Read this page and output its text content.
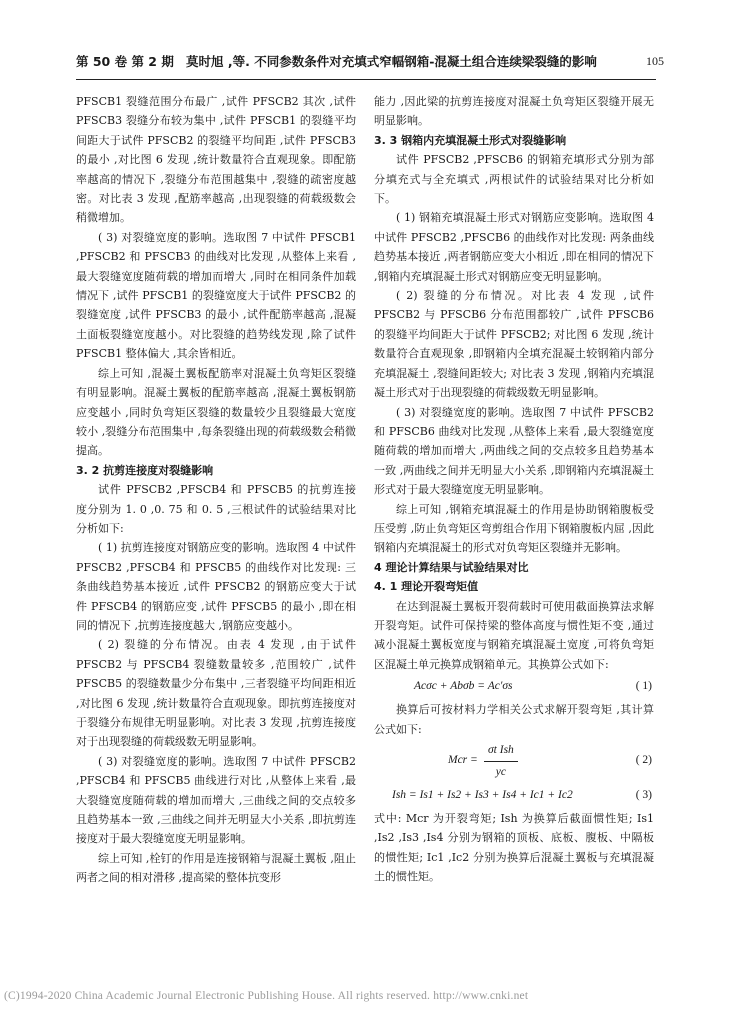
第 50 卷 第 2 期 莫时旭 ,等. 不同参数条件对充填式窄幅钢箱-混凝土组合连续梁裂缝的影响	105

PFSCB1 裂缝范围分布最广 ,试件 PFSCB2 其次 ,试件 PFSCB3 裂缝分布较为集中 ,试件 PFSCB1 的裂缝平均间距大于试件 PFSCB2 的裂缝平均间距 ,试件 PFSCB3 的最小 ,对比图 6 发现 ,统计数量符合直观现象。即配筋率越高的情况下 ,裂缝分布范围越集中 ,裂缝的疏密度越密。对比表 3 发现 ,配筋率越高 ,出现裂缝的荷载级数会稍微增加。

( 3) 对裂缝宽度的影响。选取图 7 中试件 PFSCB1 ,PFSCB2 和 PFSCB3 的曲线对比发现 ,从整体上来看 ,最大裂缝宽度随荷载的增加而增大 ,同时在相同条件加载情况下 ,试件 PFSCB1 的裂缝宽度大于试件 PFSCB2 的裂缝宽度 ,试件 PFSCB3 的最小 ,试件配筋率越高 ,混凝土面板裂缝宽度越小。对比裂缝的趋势线发现 ,除了试件 PFSCB1 整体偏大 ,其余皆相近。

综上可知 ,混凝土翼板配筋率对混凝土负弯矩区裂缝有明显影响。混凝土翼板的配筋率越高 ,混凝土翼板钢筋应变越小 ,同时负弯矩区裂缝的数量较少且裂缝最大宽度较小 ,裂缝分布范围集中 ,每条裂缝出现的荷载级数会稍微提高。

3. 2 抗剪连接度对裂缝影响

试件 PFSCB2 ,PFSCB4 和 PFSCB5 的抗剪连接度分别为 1. 0 ,0. 75 和 0. 5 ,三根试件的试验结果对比分析如下:

( 1) 抗剪连接度对钢筋应变的影响。选取图 4 中试件 PFSCB2 ,PFSCB4 和 PFSCB5 的曲线作对比发现: 三条曲线趋势基本接近 ,试件 PFSCB2 的钢筋应变大于试件 PFSCB4 的钢筋应变 ,试件 PFSCB5 的最小 ,即在相同的情况下 ,抗剪连接度越大 ,钢筋应变越小。

( 2) 裂缝的分布情况。由表 4 发现 ,由于试件 PFSCB2 与 PFSCB4 裂缝数量较多 ,范围较广 ,试件 PFSCB5 的裂缝数量少分布集中 ,三者裂缝平均间距相近 ,对比图 6 发现 ,统计数量符合直观现象。即抗剪连接度对于裂缝分布规律无明显影响。对比表 3 发现 ,抗剪连接度对于出现裂缝的荷载级数无明显影响。

( 3) 对裂缝宽度的影响。选取图 7 中试件 PFSCB2 ,PFSCB4 和 PFSCB5 曲线进行对比 ,从整体上来看 ,最大裂缝宽度随荷载的增加而增大 ,三曲线之间的交点较多且趋势基本一致 ,三曲线之间并无明显大小关系 ,即抗剪连接度对于最大裂缝宽度无明显影响。

综上可知 ,栓钉的作用是连接钢箱与混凝土翼板 ,阻止两者之间的相对滑移 ,提高梁的整体抗变形

能力 ,因此梁的抗剪连接度对混凝土负弯矩区裂缝开展无明显影响。

3. 3 钢箱内充填混凝土形式对裂缝影响

试件 PFSCB2 ,PFSCB6 的钢箱充填形式分别为部分填充式与全充填式 ,两根试件的试验结果对比分析如下。

( 1) 钢箱充填混凝土形式对钢筋应变影响。选取图 4 中试件 PFSCB2 ,PFSCB6 的曲线作对比发现: 两条曲线趋势基本接近 ,两者钢筋应变大小相近 ,即在相同的情况下 ,钢箱内充填混凝土形式对钢筋应变无明显影响。

( 2) 裂缝的分布情况。对比表 4 发现 ,试件 PFSCB2 与 PFSCB6 分布范围都较广 ,试件 PFSCB6 的裂缝平均间距大于试件 PFSCB2; 对比图 6 发现 ,统计数量符合直观现象 ,即钢箱内全填充混凝土较钢箱内部分充填混凝土 ,裂缝间距较大; 对比表 3 发现 ,钢箱内充填混凝土形式对于出现裂缝的荷载级数无明显影响。

( 3) 对裂缝宽度的影响。选取图 7 中试件 PFSCB2 和 PFSCB6 曲线对比发现 ,从整体上来看 ,最大裂缝宽度随荷载的增加而增大 ,两曲线之间的交点较多且趋势基本一致 ,两曲线之间并无明显大小关系 ,即钢箱内充填混凝土形式对于最大裂缝宽度无明显影响。

综上可知 ,钢箱充填混凝土的作用是协助钢箱腹板受压受剪 ,防止负弯矩区弯剪组合作用下钢箱腹板内屈 ,因此钢箱内充填混凝土的形式对负弯矩区裂缝并无影响。

4 理论计算结果与试验结果对比

4. 1 理论开裂弯矩值

在达到混凝土翼板开裂荷载时可使用截面换算法求解开裂弯矩。试件可保持梁的整体高度与惯性矩不变 ,通过减小混凝土翼板宽度与钢箱充填混凝土宽度 ,可将负弯矩区混凝土单元换算成钢箱单元。其换算公式如下:

Acσc + Abσb = Ac′σs	( 1)

换算后可按材料力学相关公式求解开裂弯矩 ,其计算公式如下:

Mcr =
σt Ish
yc
( 2)
Ish = Is1 + Is2 + Is3 + Is4 + Ic1 + Ic2	( 3)

式中: Mcr 为开裂弯矩; Ish 为换算后截面惯性矩; Is1 ,Is2 ,Is3 ,Is4 分别为钢箱的顶板、底板、腹板、中隔板的惯性矩; Ic1 ,Ic2 分别为换算后混凝土翼板与充填混凝土的惯性矩。

(C)1994-2020 China Academic Journal Electronic Publishing House. All rights reserved. http://www.cnki.net
